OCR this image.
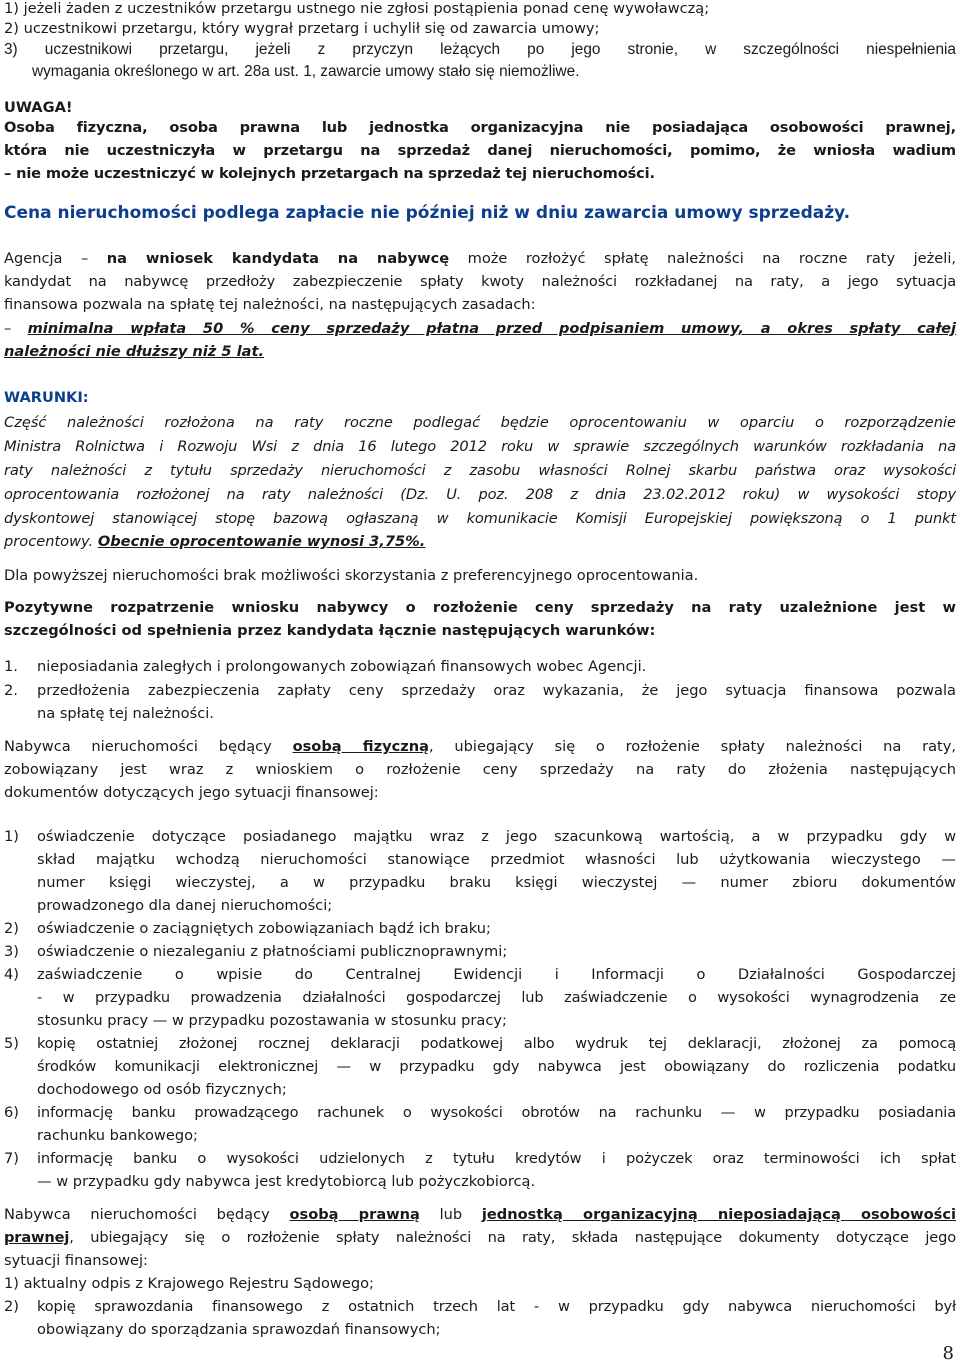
1) jeżeli żaden z uczestników przetargu ustnego nie zgłosi postąpienia ponad cenę wywoławczą;
2) uczestnikowi przetargu, który wygrał przetarg i uchylił się od zawarcia umowy;
3) uczestnikowi przetargu, jeżeli z przyczyn leżących po jego stronie, w szczególności niespełnienia
wymagania określonego w art. 28a ust. 1, zawarcie umowy stało się niemożliwe.
UWAGA!
Osoba fizyczna, osoba prawna lub jednostka organizacyjna nie posiadająca osobowości prawnej,
która nie uczestniczyła w przetargu na sprzedaż danej nieruchomości, pomimo, że wniosła wadium
– nie może uczestniczyć w kolejnych przetargach na sprzedaż tej nieruchomości.
Cena nieruchomości podlega zapłacie nie później niż w dniu zawarcia umowy sprzedaży.
Agencja – na wniosek kandydata na nabywcę może rozłożyć spłatę należności na roczne raty jeżeli,
kandydat na nabywcę przedłoży zabezpieczenie spłaty kwoty należności rozkładanej na raty, a jego sytuacja
finansowa pozwala na spłatę tej należności, na następujących zasadach:
– minimalna wpłata 50 % ceny sprzedaży płatna przed podpisaniem umowy, a okres spłaty całej
należności nie dłuższy niż 5 lat.
WARUNKI:
Część należności rozłożona na raty roczne podlegać będzie oprocentowaniu w oparciu o rozporządzenie
Ministra Rolnictwa i Rozwoju Wsi z dnia 16 lutego 2012 roku w sprawie szczególnych warunków rozkładania na
raty należności z tytułu sprzedaży nieruchomości z zasobu własności Rolnej skarbu państwa oraz wysokości
oprocentowania rozłożonej na raty należności (Dz. U. poz. 208 z dnia 23.02.2012 roku) w wysokości stopy
dyskontowej stanowiącej stopę bazową ogłaszaną w komunikacie Komisji Europejskiej powiększoną o 1 punkt
procentowy. Obecnie oprocentowanie wynosi 3,75%.
Dla powyższej nieruchomości brak możliwości skorzystania z preferencyjnego oprocentowania.
Pozytywne rozpatrzenie wniosku nabywcy o rozłożenie ceny sprzedaży na raty uzależnione jest w
szczególności od spełnienia przez kandydata łącznie następujących warunków:
1. nieposiadania zaległych i prolongowanych zobowiązań finansowych wobec Agencji.
2. przedłożenia zabezpieczenia zapłaty ceny sprzedaży oraz wykazania, że jego sytuacja finansowa pozwala
na spłatę tej należności.
Nabywca nieruchomości będący osobą fizyczną, ubiegający się o rozłożenie spłaty należności na raty,
zobowiązany jest wraz z wnioskiem o rozłożenie ceny sprzedaży na raty do złożenia następujących
dokumentów dotyczących jego sytuacji finansowej:
1) oświadczenie dotyczące posiadanego majątku wraz z jego szacunkową wartością, a w przypadku gdy w
skład majątku wchodzą nieruchomości stanowiące przedmiot własności lub użytkowania wieczystego —
numer księgi wieczystej, a w przypadku braku księgi wieczystej — numer zbioru dokumentów
prowadzonego dla danej nieruchomości;
2) oświadczenie o zaciągniętych zobowiązaniach bądź ich braku;
3) oświadczenie o niezaleganiu z płatnościami publicznoprawnymi;
4) zaświadczenie o wpisie do Centralnej Ewidencji i Informacji o Działalności Gospodarczej
- w przypadku prowadzenia działalności gospodarczej lub zaświadczenie o wysokości wynagrodzenia ze
stosunku pracy — w przypadku pozostawania w stosunku pracy;
5) kopię ostatniej złożonej rocznej deklaracji podatkowej albo wydruk tej deklaracji, złożonej za pomocą
środków komunikacji elektronicznej — w przypadku gdy nabywca jest obowiązany do rozliczenia podatku
dochodowego od osób fizycznych;
6) informację banku prowadzącego rachunek o wysokości obrotów na rachunku — w przypadku posiadania
rachunku bankowego;
7) informację banku o wysokości udzielonych z tytułu kredytów i pożyczek oraz terminowości ich spłat
— w przypadku gdy nabywca jest kredytobiorcą lub pożyczkobiorcą.
Nabywca nieruchomości będący osobą prawną lub jednostką organizacyjną nieposiadającą osobowości
prawnej, ubiegający się o rozłożenie spłaty należności na raty, składa następujące dokumenty dotyczące jego
sytuacji finansowej:
1) aktualny odpis z Krajowego Rejestru Sądowego;
2) kopię sprawozdania finansowego z ostatnich trzech lat - w przypadku gdy nabywca nieruchomości był
obowiązany do sporządzania sprawozdań finansowych;
8
